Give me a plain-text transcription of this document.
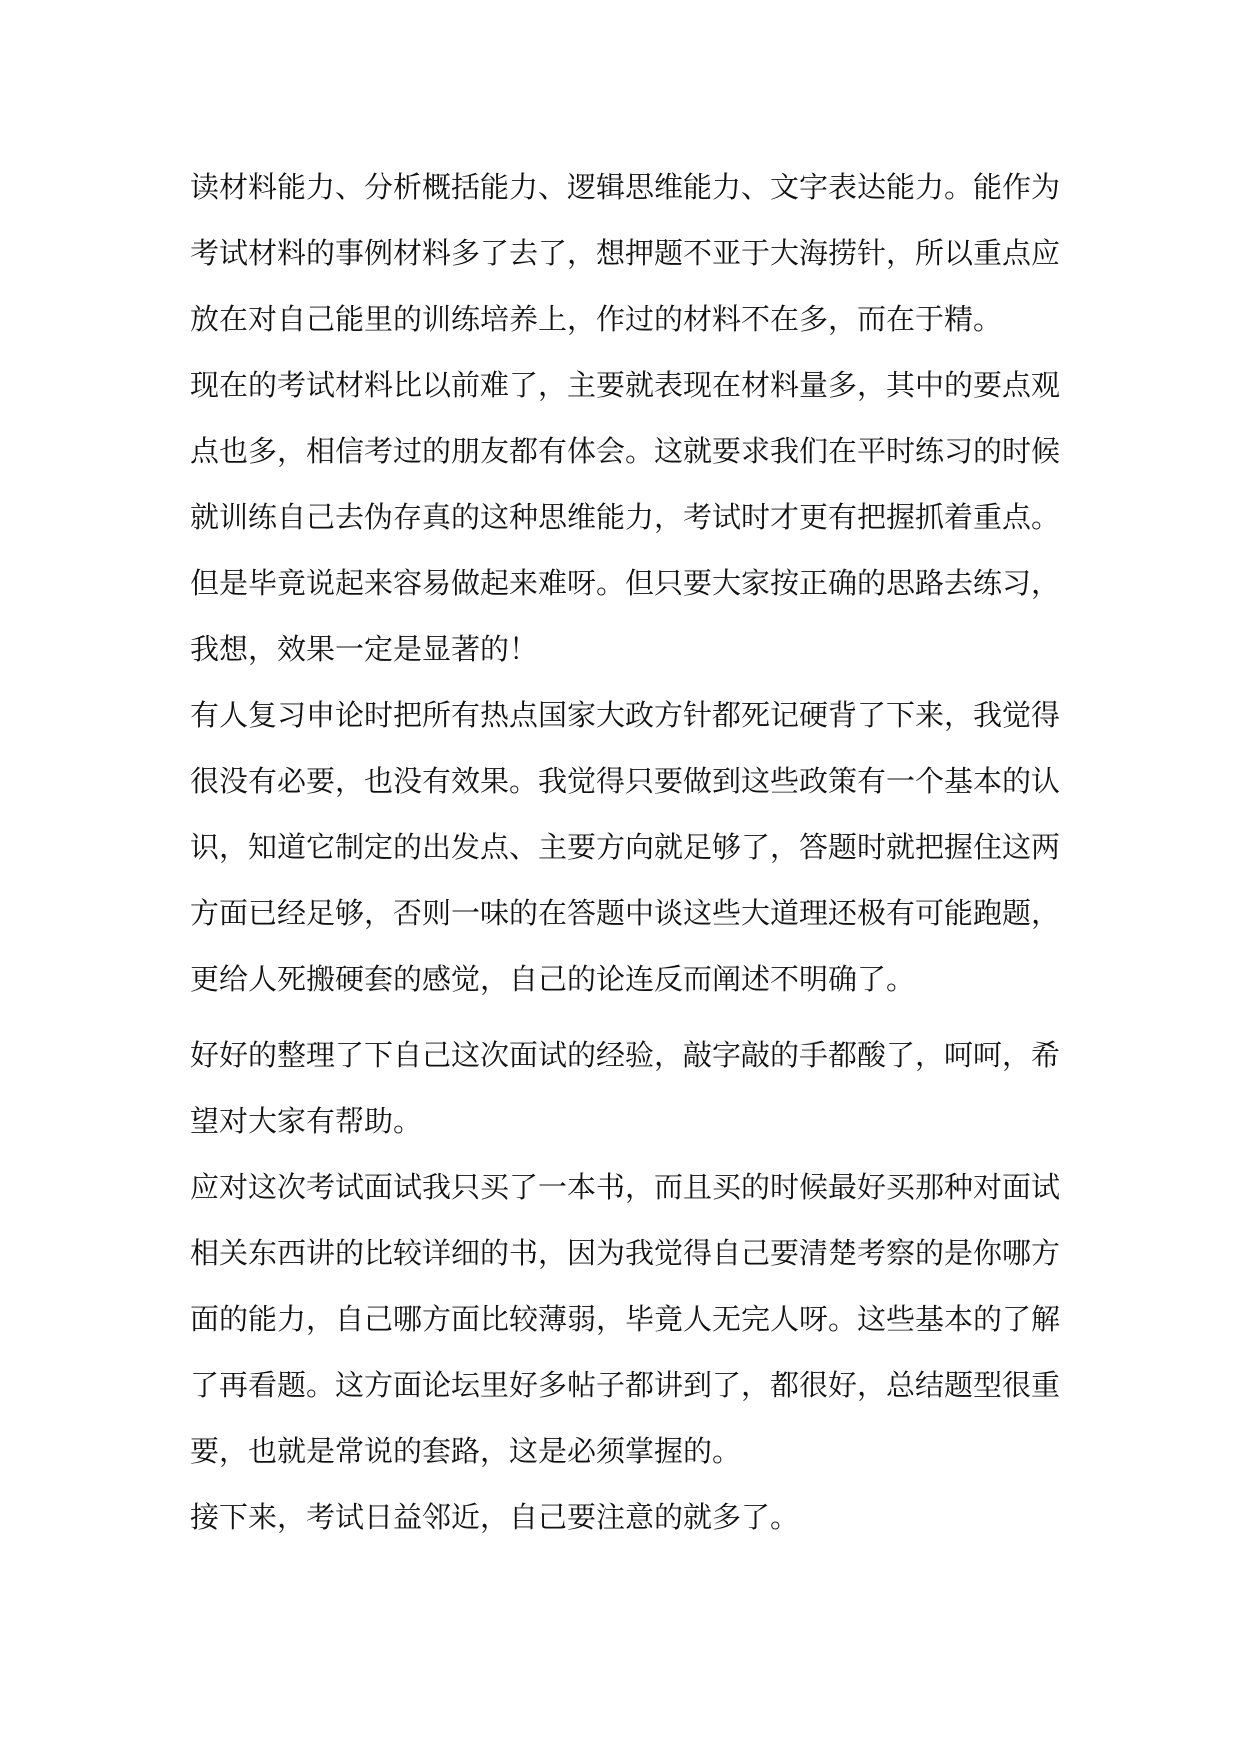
读材料能力、分析概括能力、逻辑思维能力、文字表达能力。能作为
考试材料的事例材料多了去了，想押题不亚于大海捞针，所以重点应
放在对自己能里的训练培养上，作过的材料不在多，而在于精。
现在的考试材料比以前难了，主要就表现在材料量多，其中的要点观
点也多，相信考过的朋友都有体会。这就要求我们在平时练习的时候
就训练自己去伪存真的这种思维能力，考试时才更有把握抓着重点。
但是毕竟说起来容易做起来难呀。但只要大家按正确的思路去练习，
我想，效果一定是显著的！
有人复习申论时把所有热点国家大政方针都死记硬背了下来，我觉得
很没有必要，也没有效果。我觉得只要做到这些政策有一个基本的认
识，知道它制定的出发点、主要方向就足够了，答题时就把握住这两
方面已经足够，否则一味的在答题中谈这些大道理还极有可能跑题，
更给人死搬硬套的感觉，自己的论连反而阐述不明确了。
好好的整理了下自己这次面试的经验，敲字敲的手都酸了，呵呵，希
望对大家有帮助。
应对这次考试面试我只买了一本书，而且买的时候最好买那种对面试
相关东西讲的比较详细的书，因为我觉得自己要清楚考察的是你哪方
面的能力，自己哪方面比较薄弱，毕竟人无完人呀。这些基本的了解
了再看题。这方面论坛里好多帖子都讲到了，都很好，总结题型很重
要，也就是常说的套路，这是必须掌握的。
接下来，考试日益邻近，自己要注意的就多了。
